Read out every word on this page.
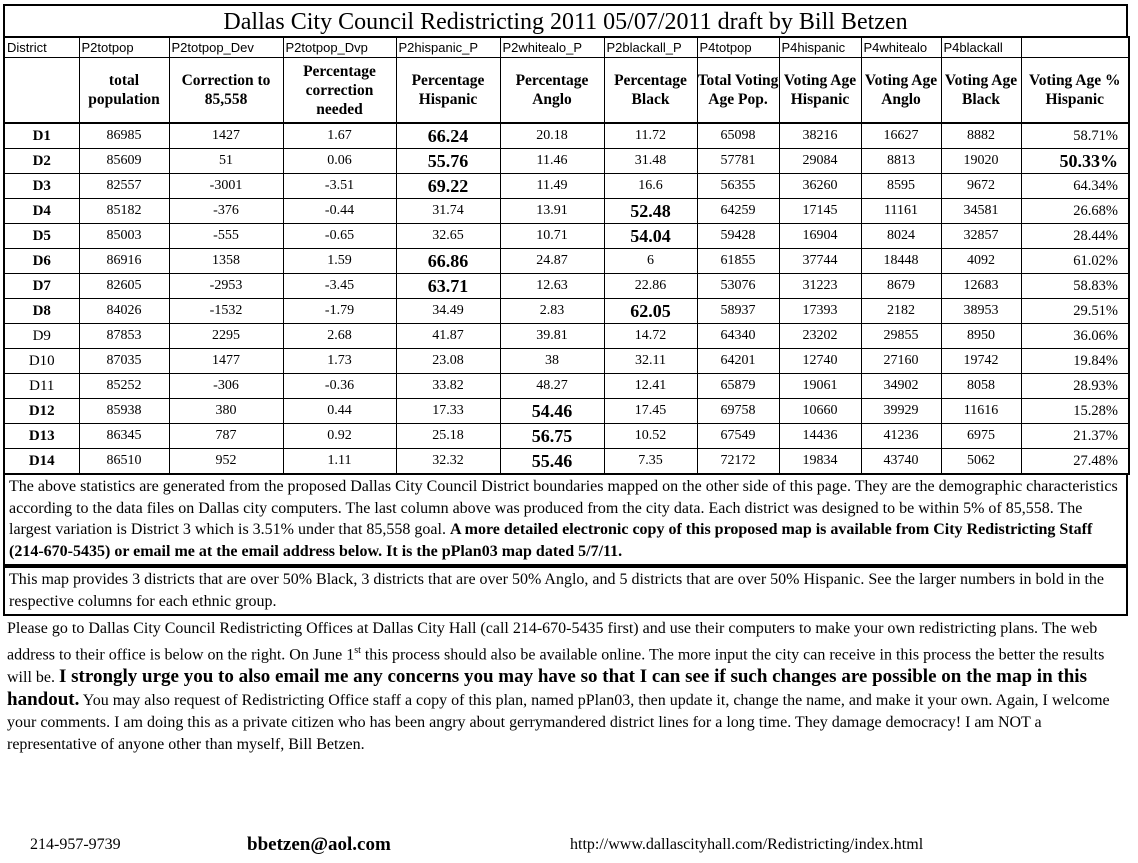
Dallas City Council Redistricting 2011 05/07/2011 draft by Bill Betzen
District	P2totpop	P2totpop_Dev	P2totpop_Dvp	P2hispanic_P	P2whitealo_P	P2blackall_P	P4totpop	P4hispanic	P4whitealo	P4blackall	
	total population	Correction to 85,558	Percentage correction needed	Percentage Hispanic	Percentage Anglo	Percentage Black	Total Voting Age Pop.	Voting Age Hispanic	Voting Age Anglo	Voting Age Black	Voting Age % Hispanic
D1	86985	1427	1.67	66.24	20.18	11.72	65098	38216	16627	8882	58.71%
D2	85609	51	0.06	55.76	11.46	31.48	57781	29084	8813	19020	50.33%
D3	82557	-3001	-3.51	69.22	11.49	16.6	56355	36260	8595	9672	64.34%
D4	85182	-376	-0.44	31.74	13.91	52.48	64259	17145	11161	34581	26.68%
D5	85003	-555	-0.65	32.65	10.71	54.04	59428	16904	8024	32857	28.44%
D6	86916	1358	1.59	66.86	24.87	6	61855	37744	18448	4092	61.02%
D7	82605	-2953	-3.45	63.71	12.63	22.86	53076	31223	8679	12683	58.83%
D8	84026	-1532	-1.79	34.49	2.83	62.05	58937	17393	2182	38953	29.51%
D9	87853	2295	2.68	41.87	39.81	14.72	64340	23202	29855	8950	36.06%
D10	87035	1477	1.73	23.08	38	32.11	64201	12740	27160	19742	19.84%
D11	85252	-306	-0.36	33.82	48.27	12.41	65879	19061	34902	8058	28.93%
D12	85938	380	0.44	17.33	54.46	17.45	69758	10660	39929	11616	15.28%
D13	86345	787	0.92	25.18	56.75	10.52	67549	14436	41236	6975	21.37%
D14	86510	952	1.11	32.32	55.46	7.35	72172	19834	43740	5062	27.48%
The above statistics are generated from the proposed Dallas City Council District boundaries mapped on the other side of this page. They are the demographic characteristics according to the data files on Dallas city computers. The last column above was produced from the city data. Each district was designed to be within 5% of 85,558. The largest variation is District 3 which is 3.51% under that 85,558 goal. A more detailed electronic copy of this proposed map is available from City Redistricting Staff (214-670-5435) or email me at the email address below. It is the pPlan03 map dated 5/7/11.
This map provides 3 districts that are over 50% Black, 3 districts that are over 50% Anglo, and 5 districts that are over 50% Hispanic. See the larger numbers in bold in the respective columns for each ethnic group.
Please go to Dallas City Council Redistricting Offices at Dallas City Hall (call 214-670-5435 first) and use their computers to make your own redistricting plans. The web address to their office is below on the right. On June 1st this process should also be available online. The more input the city can receive in this process the better the results will be. I strongly urge you to also email me any concerns you may have so that I can see if such changes are possible on the map in this handout. You may also request of Redistricting Office staff a copy of this plan, named pPlan03, then update it, change the name, and make it your own. Again, I welcome your comments. I am doing this as a private citizen who has been angry about gerrymandered district lines for a long time. They damage democracy! I am NOT a representative of anyone other than myself, Bill Betzen.
214-957-9739	bbetzen@aol.com	http://www.dallascityhall.com/Redistricting/index.html
